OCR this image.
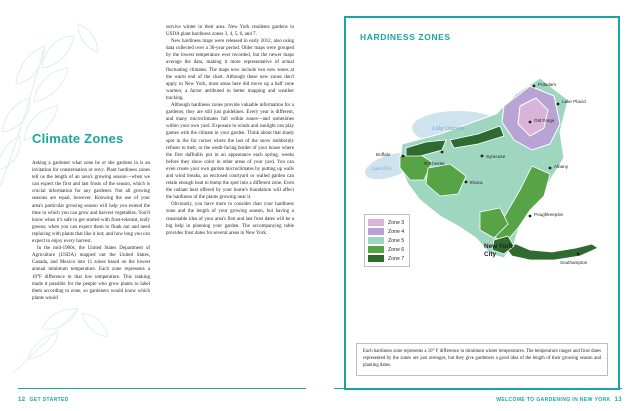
Climate Zones

Asking a gardener what zone he or she gardens in is an invitation for consternation or envy. Plant hardiness zones tell us the length of an area's growing season—when we can expect the first and last frosts of the season, which is crucial information for any gardener. Not all growing seasons are equal, however. Knowing the use of your area's particular growing season will help you extend the time in which you can grow and harvest vegetables. You'll know when it's safe to get started with frost-tolerant, leafy greens; when you can expect them to flunk out and need replacing with plants that like it hot; and how long you can expect to enjoy every harvest.

In the mid-1900s, the United States Department of Agriculture (USDA) mapped out the United States, Canada, and Mexico into 11 zones based on the lowest annual minimum temperature. Each zone represents a 10°F difference in that low temperature. This ranking made it possible for the people who grow plants to label them according to zone, so gardeners would know which plants would

survive winter in their area. New York residents gardens in USDA plant hardiness zones 3, 4, 5, 6, and 7.

New hardiness maps were released in early 2012, also using data collected over a 30-year period. Older maps were grouped by the lowest temperature ever recorded, but the newer maps average the data, making it more representative of actual fluctuating climates. The maps now include two new zones at the warm end of the chart. Although these new zones don't apply to New York, most areas here did move up a half zone warmer, a factor attributed to better mapping and weather tracking.

Although hardiness zones provide valuable information for a gardener, they are still just guidelines. Every year is different, and many microclimates fall within zones—and sometimes within your own yard. Exposure to winds and sunlight can play games with the climate in your garden. Think about that shady spot in the far corner where the last of the snow stubbornly refuses to melt, or the south-facing border of your house where the first daffodils put in an appearance each spring, weeks before they show color in other areas of your yard. You can even create your own garden microclimates by putting up walls and wind breaks, an enclosed courtyard or walled garden can retain enough heat to bump the spot into a different zone. Even the radiant heat offered by your home's foundation will affect the hardiness of the plants growing near it.

Obviously, you have more to consider than your hardiness zone and the length of your growing season, but having a reasonable idea of your area's first and last frost dates will be a big help in planning your garden. The accompanying table provides frost dates for several areas in New York.

12 GET STARTED
HARDINESS ZONES
Lake Ontario
Lake Erie
Potsdam
Lake Placid
Old Forge
Buffalo
Rochester
Syracuse
Albany
Ithaca
Poughkeepsie
New York
City
Southampton
Zone 3
Zone 4
Zone 5
Zone 6
Zone 7
Each hardiness zone represents a 10° F difference in minimum winter temperatures. The temperature ranges and frost dates represented by the zones are just averages, but they give gardeners a good idea of the length of their growing season and planting dates.
WELCOME TO GARDENING IN NEW YORK 13
